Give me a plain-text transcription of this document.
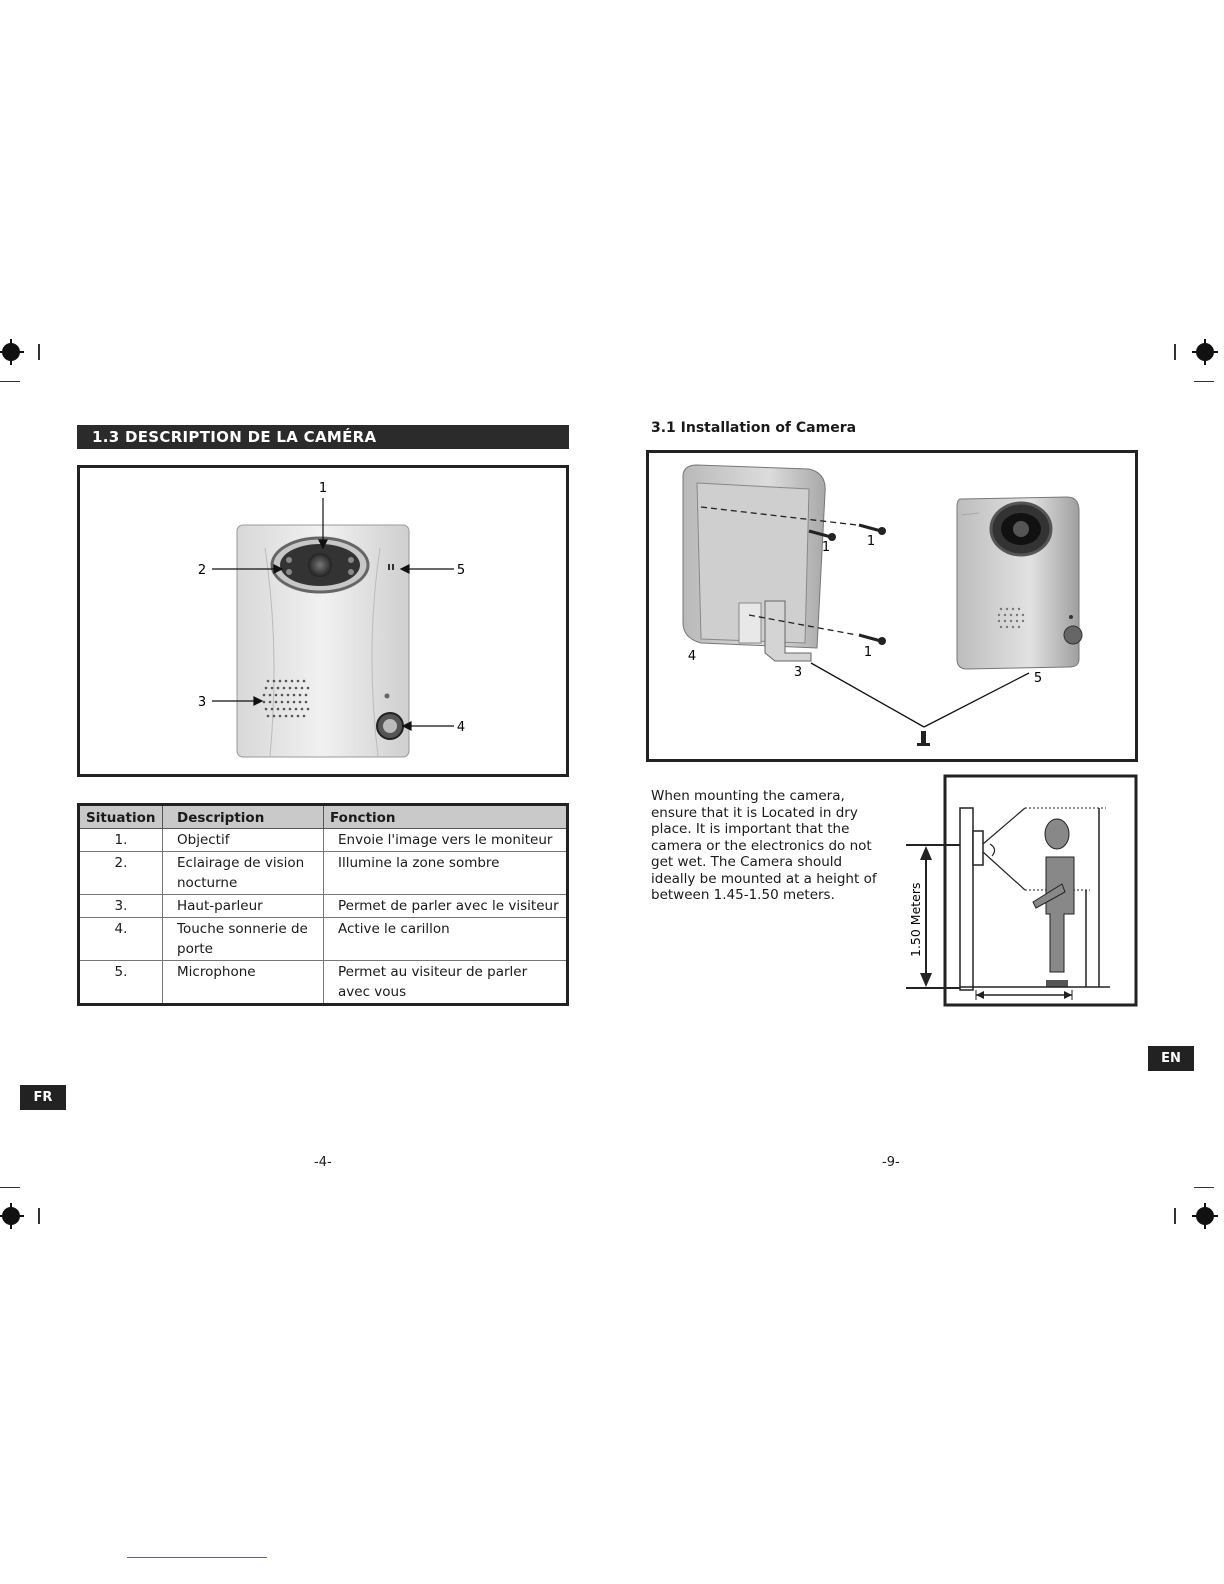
1.3 DESCRIPTION DE LA CAMÉRA
1
2
3
4
5
Situation	Description	Fonction
1.	Objectif	Envoie l'image vers le moniteur
2.	Eclairage de vision nocturne	Illumine la zone sombre
3.	Haut-parleur	Permet de parler avec le visiteur
4.	Touche sonnerie de porte	Active le carillon
5.	Microphone	Permet au visiteur de parler avec vous
FR
-4-
3.1 Installation of Camera
1	1
1
3
4
5
When mounting the camera, ensure that it is Located in dry place. It is important that the camera or the electronics do not get wet. The Camera should ideally be mounted at a height of between 1.45-1.50 meters.	1.50 Meters
EN
-9-
